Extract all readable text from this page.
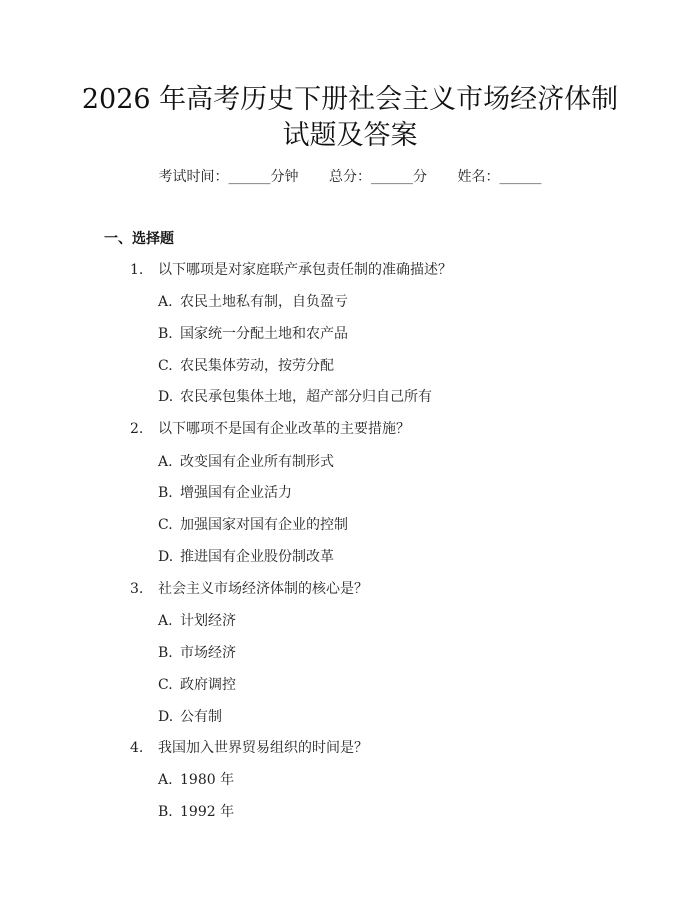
2026 年高考历史下册社会主义市场经济体制
试题及答案
考试时间：______分钟 总分：______分 姓名：______
一、选择题
1. 以下哪项是对家庭联产承包责任制的准确描述？
A. 农民土地私有制，自负盈亏
B. 国家统一分配土地和农产品
C. 农民集体劳动，按劳分配
D. 农民承包集体土地，超产部分归自己所有
2. 以下哪项不是国有企业改革的主要措施？
A. 改变国有企业所有制形式
B. 增强国有企业活力
C. 加强国家对国有企业的控制
D. 推进国有企业股份制改革
3. 社会主义市场经济体制的核心是？
A. 计划经济
B. 市场经济
C. 政府调控
D. 公有制
4. 我国加入世界贸易组织的时间是？
A. 1980 年
B. 1992 年
